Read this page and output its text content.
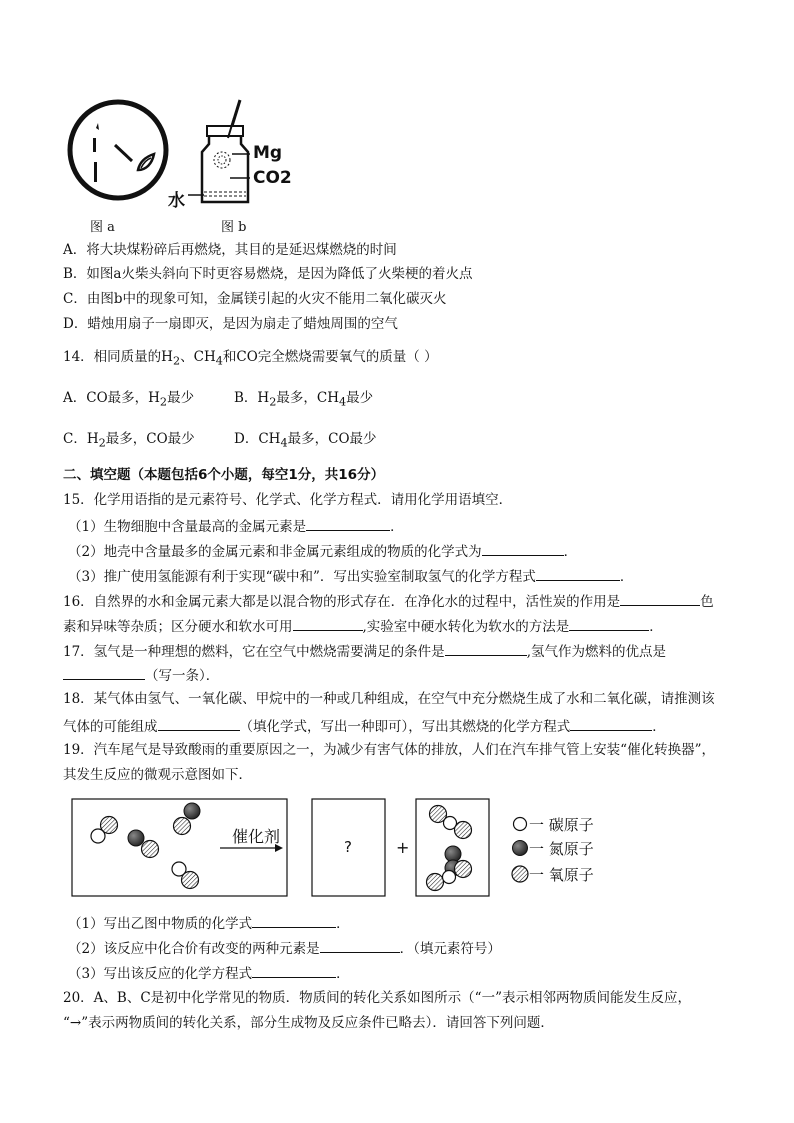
Mg
CO2
水
图 a	图 b
A．将大块煤粉碎后再燃烧，其目的是延迟煤燃烧的时间
B．如图a火柴头斜向下时更容易燃烧，是因为降低了火柴梗的着火点
C．由图b中的现象可知，金属镁引起的火灾不能用二氧化碳灭火
D．蜡烛用扇子一扇即灭，是因为扇走了蜡烛周围的空气
14．相同质量的$H_2$、$CH_4$和CO完全燃烧需要氧气的质量（ ）
A．CO最多，$H_2$最少	B．$H_2$最多，$CH_4$最少
C．$H_2$最多，CO最少	D．$CH_4$最多，CO最少
二、填空题（本题包括6个小题，每空1分，共16分）
15．化学用语指的是元素符号、化学式、化学方程式．请用化学用语填空．
（1）生物细胞中含量最高的金属元素是	．
（2）地壳中含量最多的金属元素和非金属元素组成的物质的化学式为	．
（3）推广使用氢能源有利于实现“碳中和”．写出实验室制取氢气的化学方程式	．
16．自然界的水和金属元素大都是以混合物的形式存在．在净化水的过程中，活性炭的作用是	色
素和异味等杂质；区分硬水和软水可用	,实验室中硬水转化为软水的方法是	．
17．氢气是一种理想的燃料，它在空气中燃烧需要满足的条件是	,氢气作为燃料的优点是
（写一条）．
18．某气体由氢气、一氧化碳、甲烷中的一种或几种组成，在空气中充分燃烧生成了水和二氧化碳，请推测该
气体的可能组成	（填化学式，写出一种即可），写出其燃烧的化学方程式	．
19．汽车尾气是导致酸雨的重要原因之一，为减少有害气体的排放，人们在汽车排气管上安装“催化转换器”，
其发生反应的微观示意图如下．
催化剂
?	+
一 碳原子
一 氮原子
一 氧原子
（1）写出乙图中物质的化学式	．
（2）该反应中化合价有改变的两种元素是	．（填元素符号）
（3）写出该反应的化学方程式	．
20．A、B、C是初中化学常见的物质．物质间的转化关系如图所示（“一”表示相邻两物质间能发生反应，
“→”表示两物质间的转化关系，部分生成物及反应条件已略去）．请回答下列问题．
